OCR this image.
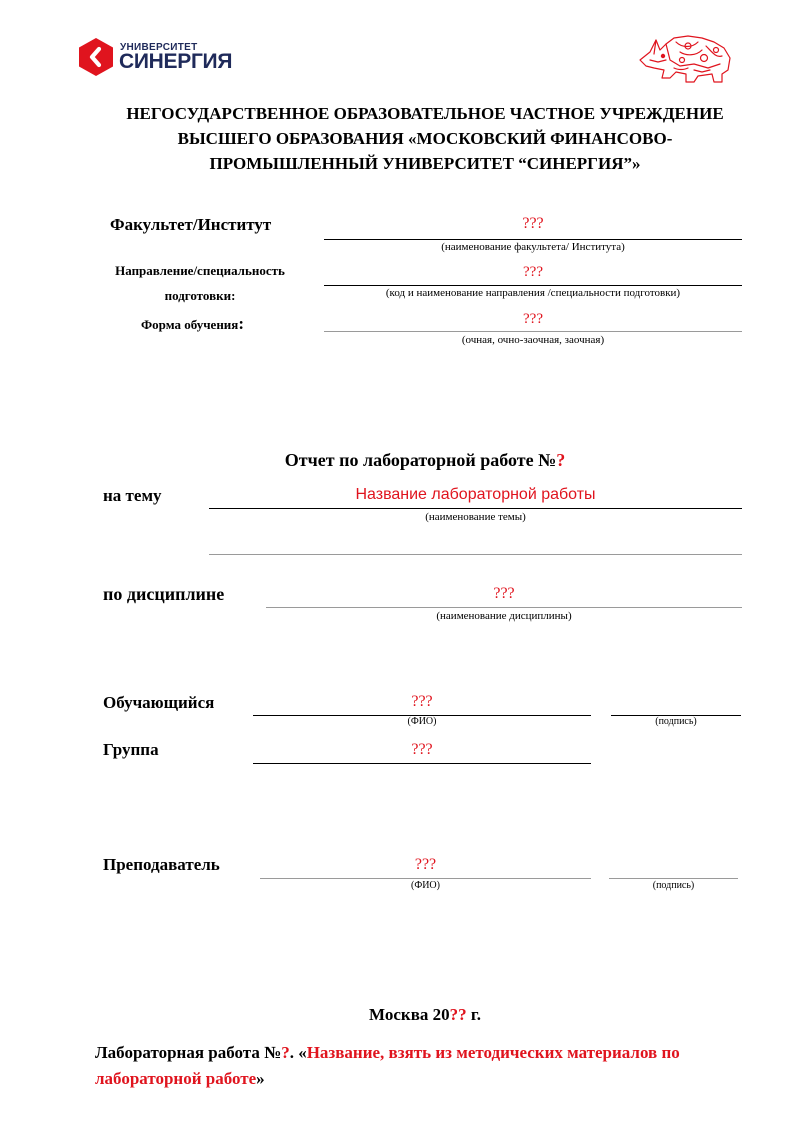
УНИВЕРСИТЕТ
СИНЕРГИЯ
НЕГОСУДАРСТВЕННОЕ ОБРАЗОВАТЕЛЬНОЕ ЧАСТНОЕ УЧРЕЖДЕНИЕ
ВЫСШЕГО ОБРАЗОВАНИЯ «МОСКОВСКИЙ ФИНАНСОВО-
ПРОМЫШЛЕННЫЙ УНИВЕРСИТЕТ “СИНЕРГИЯ”»
Факультет/Институт	???
(наименование факультета/ Института)
Направление/специальность
подготовки:
???
(код и наименование направления /специальности подготовки)
Форма обучения:	???
(очная, очно-заочная, заочная)
Отчет по лабораторной работе №?
на тему	Название лабораторной работы
(наименование темы)
по дисциплине	???
(наименование дисциплины)
Обучающийся	???
(ФИО)	(подпись)
Группа	???
Преподаватель	???
(ФИО)	(подпись)
Москва 20?? г.
Лабораторная работа №?. «Название, взять из методических материалов по
лабораторной работе»
